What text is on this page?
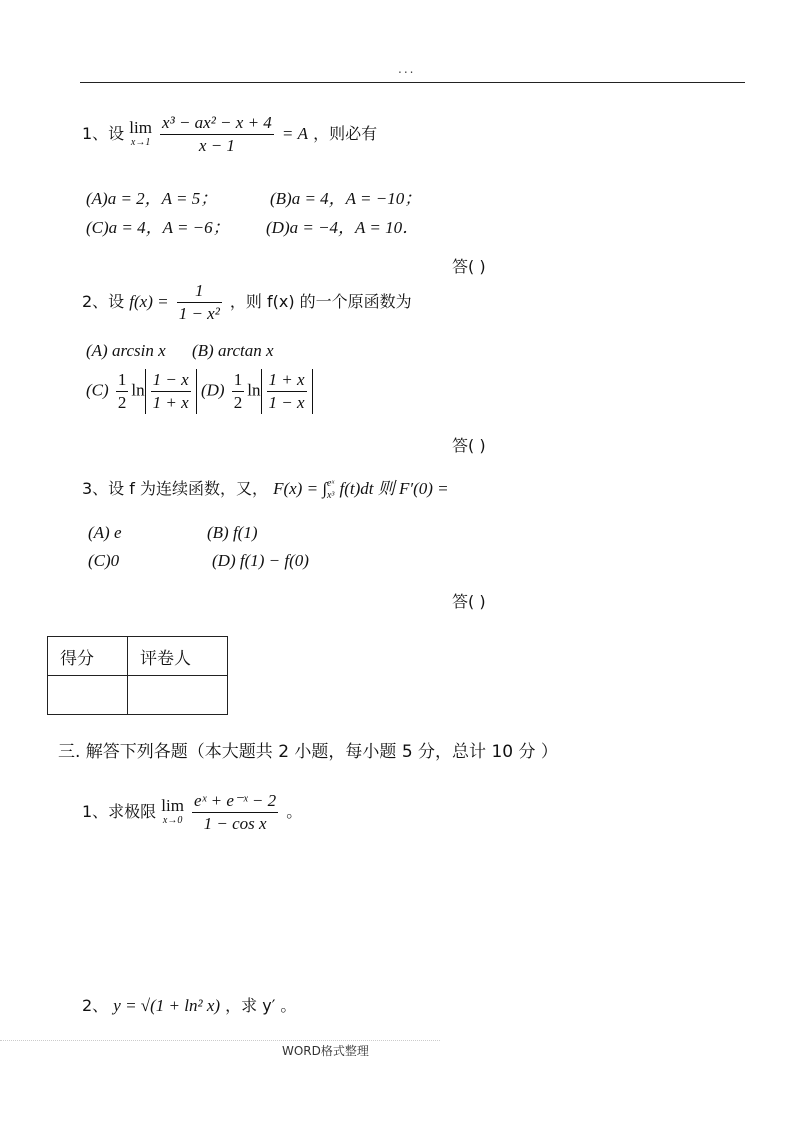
...
1、设 lim
x→1
$\frac{\text{x³ − ax² − x + 4}}{x - 1} = A$ ，则必有
(A)a = 2，A = 5；	(B)a = 4，A = −10；
(C)a = 4，A = −6； (D)a = −4，A = 10．
答( )
2、设 $f(x) = \frac{1}{\text{1 − x²}}$ ，则 f(x) 的一个原函数为
(A) arcsin x (B) arctan x
$(C) \frac{1}{2}$ $\ln \frac{1 - x}{1 + x} (D) \frac{1}{2}$ $\ln \frac{1 + x}{1 - x}$
答( )
3、设 f 为连续函数，又， F(x) = ∫ eˣ
x³ f(t)dt 则 F′(0) =
(A) e	(B) f(1)
(C)0	(D) f(1) − f(0)
答( )
得分	评卷人

三. 解答下列各题（本大题共 2 小题，每小题 5 分，总计 10 分 ）
1、求极限 lim
x→0
$\frac{\text{eˣ + e⁻ˣ − 2}}{\text{1 − cos x}}$ 。
2、 y = √(1 + ln² x) ，求 y′ 。
WORD格式整理
